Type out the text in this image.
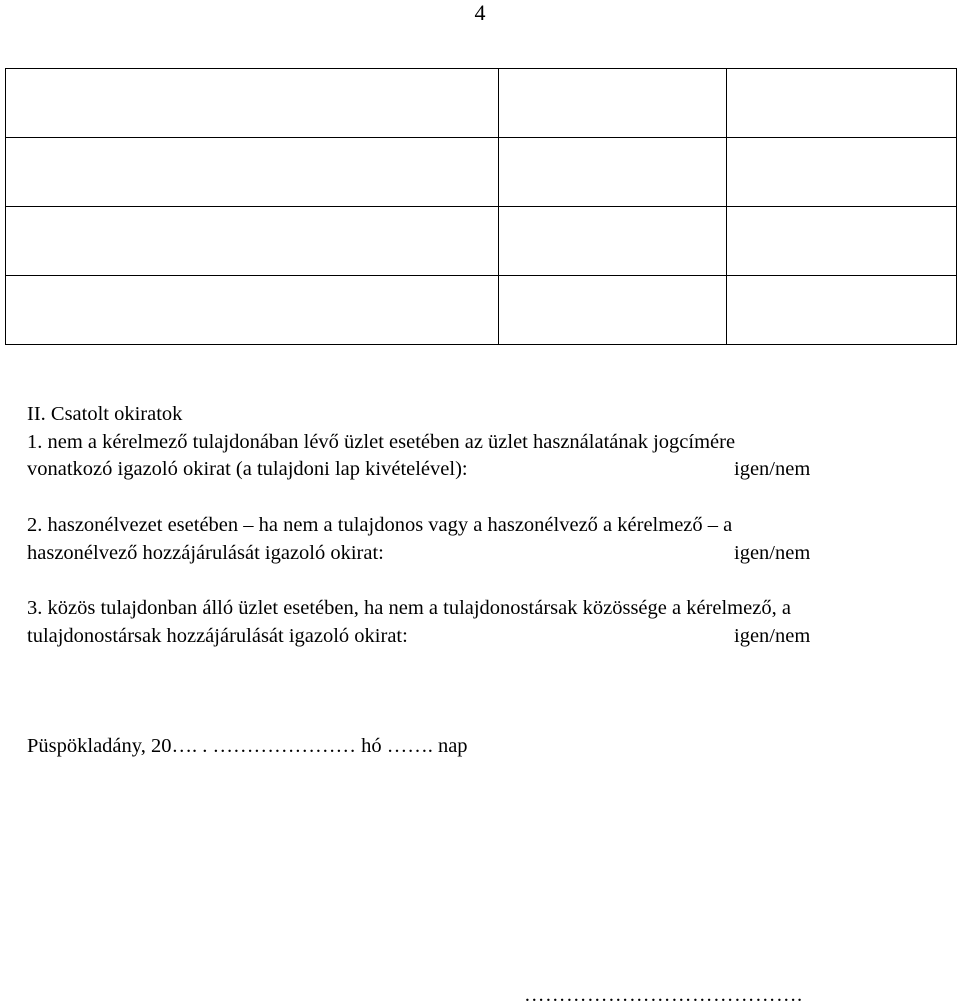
4

II. Csatolt okiratok
1. nem a kérelmező tulajdonában lévő üzlet esetében az üzlet használatának jogcímére
vonatkozó igazoló okirat (a tulajdoni lap kivételével):	igen/nem
2. haszonélvezet esetében – ha nem a tulajdonos vagy a haszonélvező a kérelmező – a
haszonélvező hozzájárulását igazoló okirat:	igen/nem
3. közös tulajdonban álló üzlet esetében, ha nem a tulajdonostársak közössége a kérelmező, a
tulajdonostársak hozzájárulását igazoló okirat:	igen/nem
Püspökladány, 20…. . ………………… hó ……. nap
………………………………….
